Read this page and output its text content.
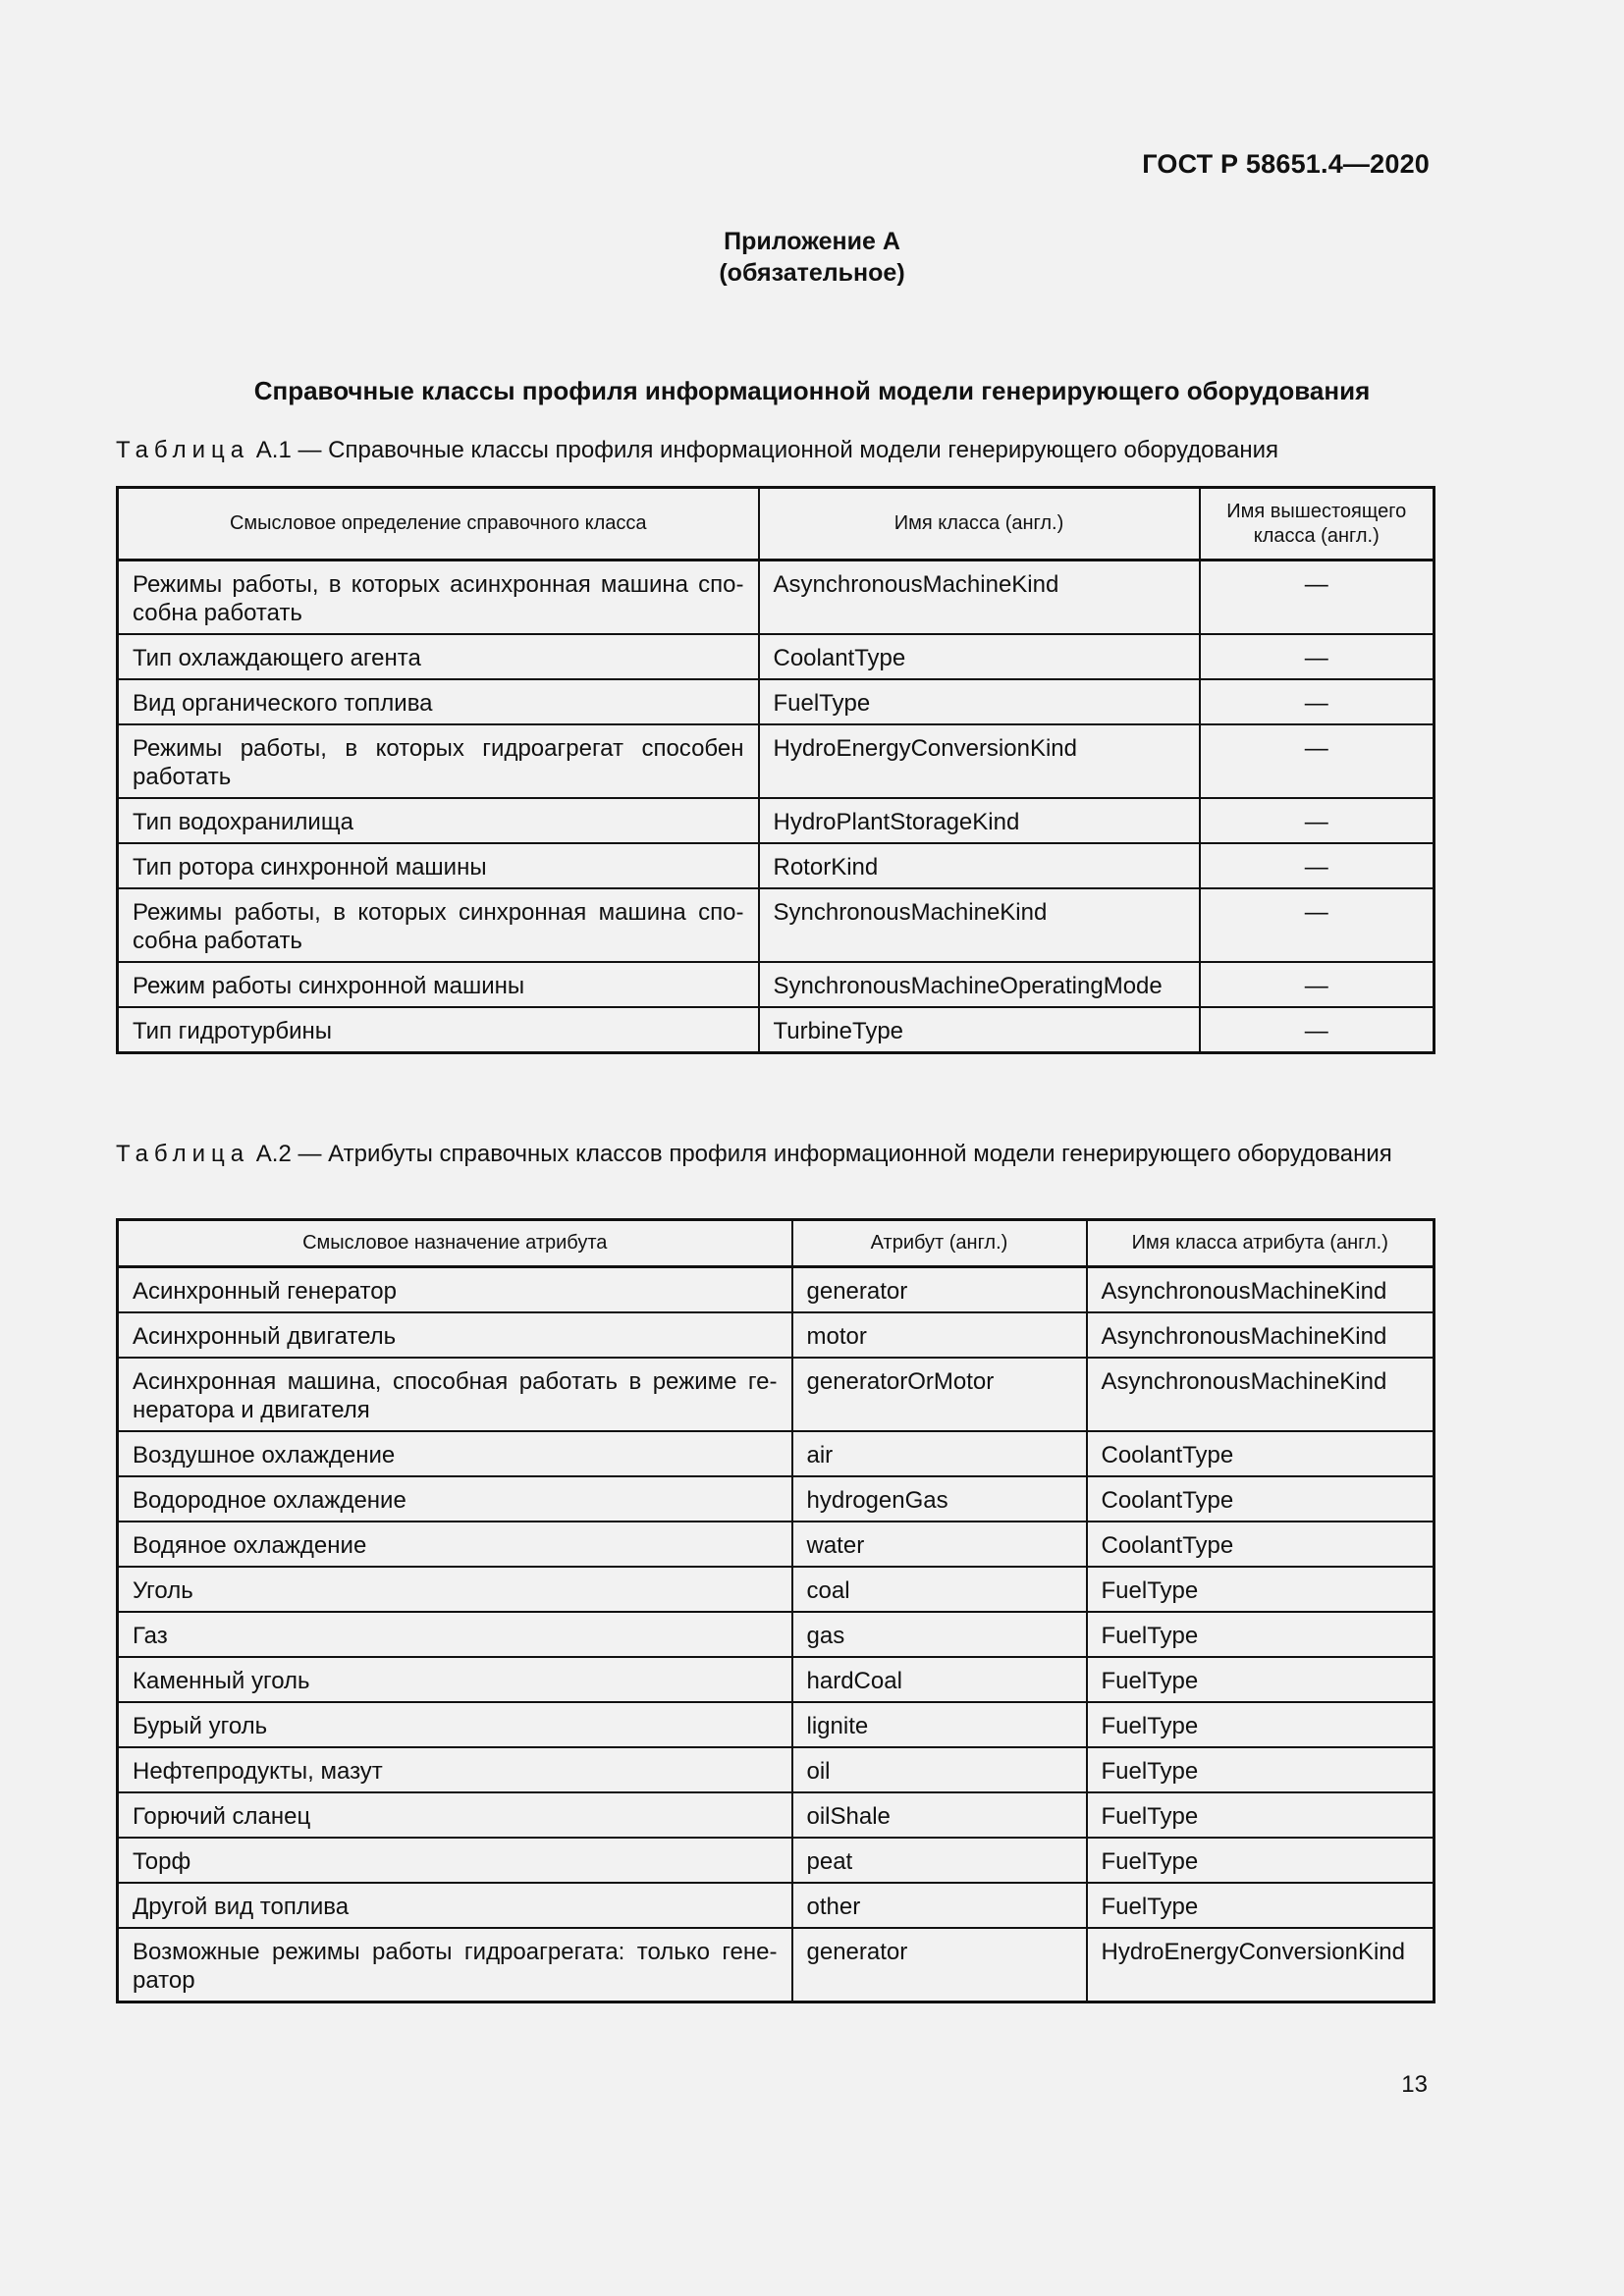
ГОСТ Р 58651.4—2020
Приложение А
(обязательное)
Справочные классы профиля информационной модели генерирующего оборудования
Таблица А.1 — Справочные классы профиля информационной модели генерирующего оборудования
Смысловое определение справочного класса	Имя класса (англ.)	Имя вышестоящего класса (англ.)
Режимы работы, в которых асинхронная машина способна работать	AsynchronousMachineKind	—
Тип охлаждающего агента	CoolantType	—
Вид органического топлива	FuelType	—
Режимы работы, в которых гидроагрегат способен работать	HydroEnergyConversionKind	—
Тип водохранилища	HydroPlantStorageKind	—
Тип ротора синхронной машины	RotorKind	—
Режимы работы, в которых синхронная машина способна работать	SynchronousMachineKind	—
Режим работы синхронной машины	SynchronousMachineOperatingMode	—
Тип гидротурбины	TurbineType	—
Таблица А.2 — Атрибуты справочных классов профиля информационной модели генерирующего оборудования
Смысловое назначение атрибута	Атрибут (англ.)	Имя класса атрибута (англ.)
Асинхронный генератор	generator	AsynchronousMachineKind
Асинхронный двигатель	motor	AsynchronousMachineKind
Асинхронная машина, способная работать в режиме генератора и двигателя	generatorOrMotor	AsynchronousMachineKind
Воздушное охлаждение	air	CoolantType
Водородное охлаждение	hydrogenGas	CoolantType
Водяное охлаждение	water	CoolantType
Уголь	coal	FuelType
Газ	gas	FuelType
Каменный уголь	hardCoal	FuelType
Бурый уголь	lignite	FuelType
Нефтепродукты, мазут	oil	FuelType
Горючий сланец	oilShale	FuelType
Торф	peat	FuelType
Другой вид топлива	other	FuelType
Возможные режимы работы гидроагрегата: только генератор	generator	HydroEnergyConversionKind
13
